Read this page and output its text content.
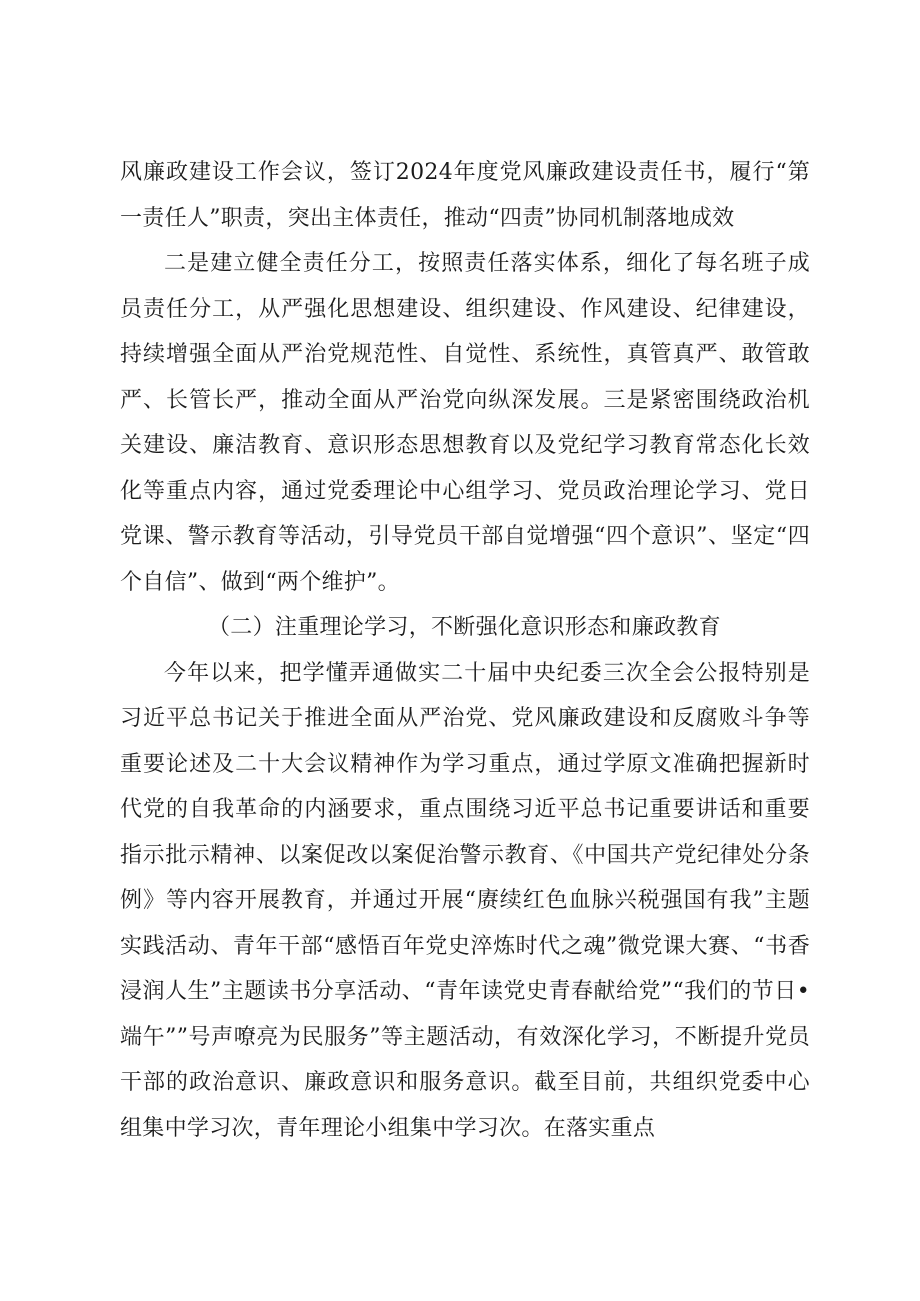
风廉政建设工作会议，签订2024年度党风廉政建设责任书，履行“第一责任人”职责，突出主体责任，推动“四责”协同机制落地成效

二是建立健全责任分工，按照责任落实体系，细化了每名班子成员责任分工，从严强化思想建设、组织建设、作风建设、纪律建设，持续增强全面从严治党规范性、自觉性、系统性，真管真严、敢管敢严、长管长严，推动全面从严治党向纵深发展。三是紧密围绕政治机关建设、廉洁教育、意识形态思想教育以及党纪学习教育常态化长效化等重点内容，通过党委理论中心组学习、党员政治理论学习、党日党课、警示教育等活动，引导党员干部自觉增强“四个意识”、坚定“四个自信”、做到“两个维护”。

（二）注重理论学习，不断强化意识形态和廉政教育

今年以来，把学懂弄通做实二十届中央纪委三次全会公报特别是习近平总书记关于推进全面从严治党、党风廉政建设和反腐败斗争等重要论述及二十大会议精神作为学习重点，通过学原文准确把握新时代党的自我革命的内涵要求，重点围绕习近平总书记重要讲话和重要指示批示精神、以案促改以案促治警示教育、《中国共产党纪律处分条例》等内容开展教育，并通过开展“赓续红色血脉兴税强国有我”主题实践活动、青年干部“感悟百年党史淬炼时代之魂”微党课大赛、“书香浸润人生”主题读书分享活动、“青年读党史青春献给党”“我们的节日•端午””号声嘹亮为民服务”等主题活动，有效深化学习，不断提升党员干部的政治意识、廉政意识和服务意识。截至目前，共组织党委中心组集中学习次，青年理论小组集中学习次。在落实重点
